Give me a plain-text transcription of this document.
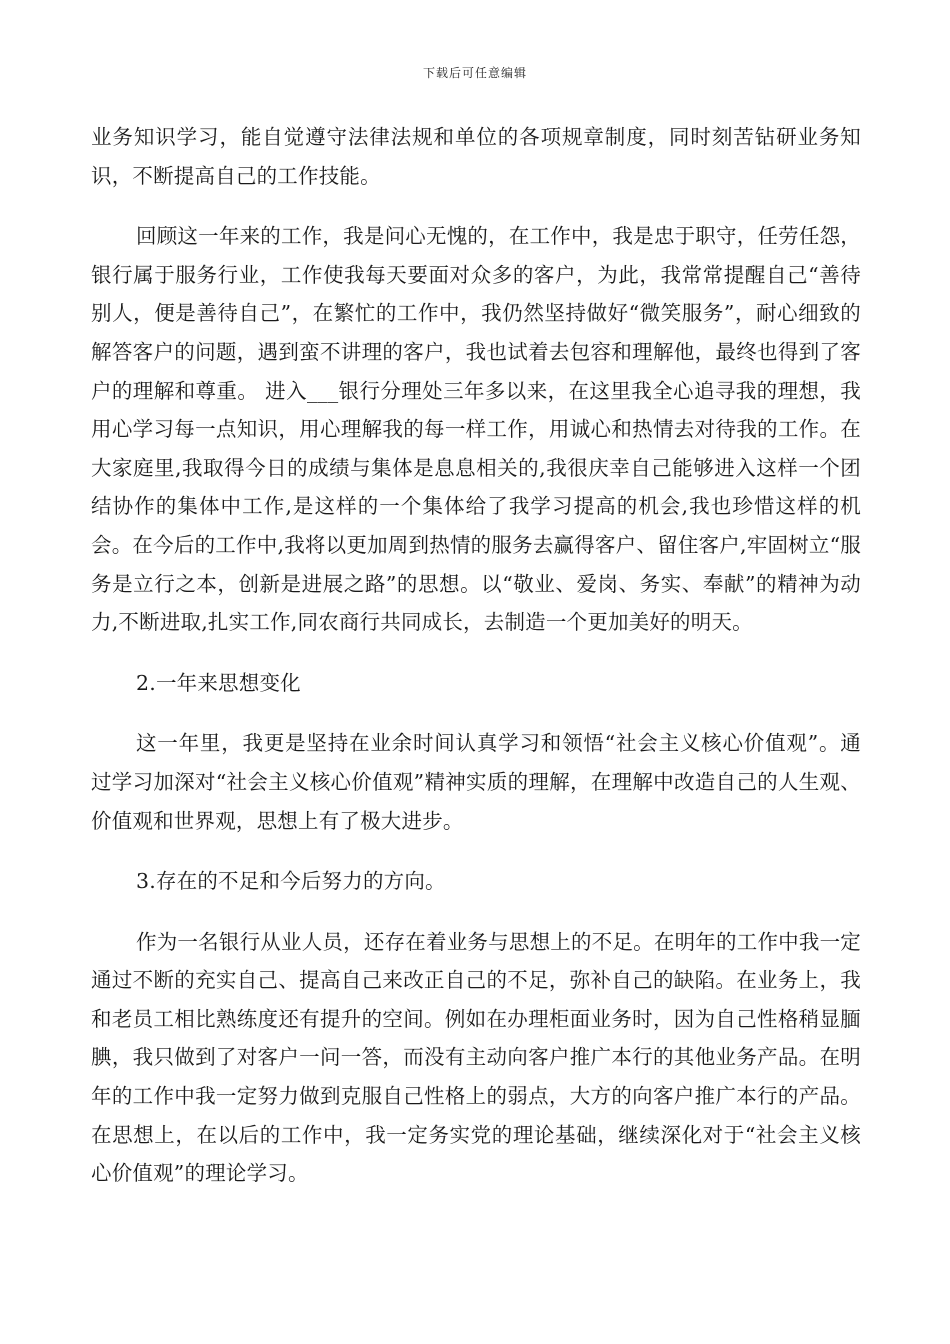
下载后可任意编辑

业务知识学习，能自觉遵守法律法规和单位的各项规章制度，同时刻苦钻研业务知识，不断提高自己的工作技能。

回顾这一年来的工作，我是问心无愧的，在工作中，我是忠于职守，任劳任怨，银行属于服务行业，工作使我每天要面对众多的客户，为此，我常常提醒自己“善待别人，便是善待自己”，在繁忙的工作中，我仍然坚持做好“微笑服务”，耐心细致的解答客户的问题，遇到蛮不讲理的客户，我也试着去包容和理解他，最终也得到了客户的理解和尊重。 进入___银行分理处三年多以来，在这里我全心追寻我的理想，我用心学习每一点知识，用心理解我的每一样工作，用诚心和热情去对待我的工作。在大家庭里,我取得今日的成绩与集体是息息相关的,我很庆幸自己能够进入这样一个团结协作的集体中工作,是这样的一个集体给了我学习提高的机会,我也珍惜这样的机会。在今后的工作中,我将以更加周到热情的服务去赢得客户、留住客户,牢固树立“服务是立行之本，创新是进展之路”的思想。以“敬业、爱岗、务实、奉献”的精神为动力,不断进取,扎实工作,同农商行共同成长，去制造一个更加美好的明天。

2.一年来思想变化

这一年里，我更是坚持在业余时间认真学习和领悟“社会主义核心价值观”。通过学习加深对“社会主义核心价值观”精神实质的理解，在理解中改造自己的人生观、价值观和世界观，思想上有了极大进步。

3.存在的不足和今后努力的方向。

作为一名银行从业人员，还存在着业务与思想上的不足。在明年的工作中我一定通过不断的充实自己、提高自己来改正自己的不足，弥补自己的缺陷。在业务上，我和老员工相比熟练度还有提升的空间。例如在办理柜面业务时，因为自己性格稍显腼腆，我只做到了对客户一问一答，而没有主动向客户推广本行的其他业务产品。在明年的工作中我一定努力做到克服自己性格上的弱点，大方的向客户推广本行的产品。在思想上，在以后的工作中，我一定务实党的理论基础，继续深化对于“社会主义核心价值观”的理论学习。
